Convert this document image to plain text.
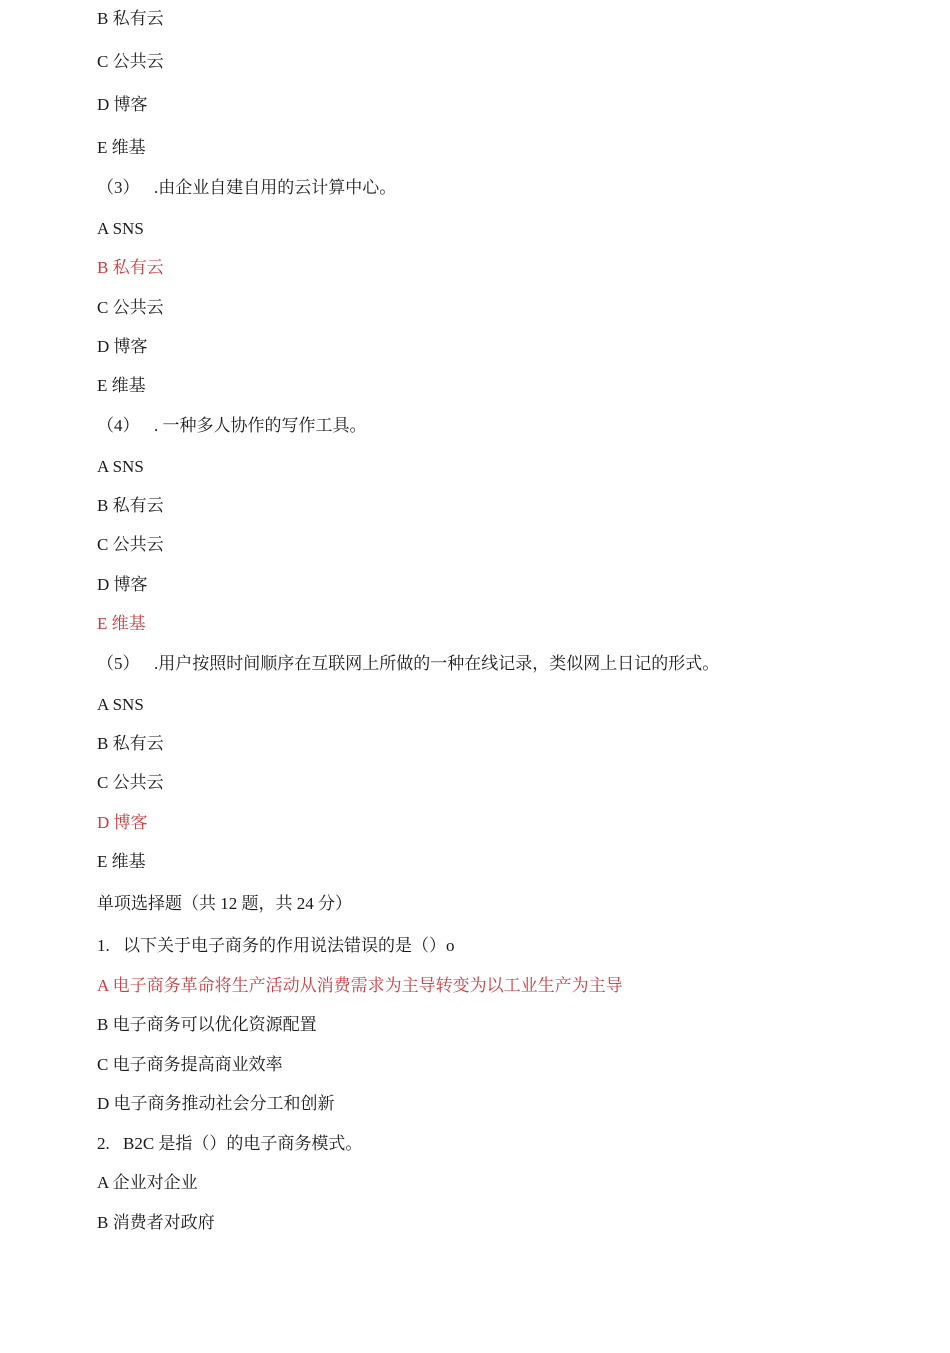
B 私有云
C 公共云
D 博客
E 维基
（3） .由企业自建自用的云计算中心。
A SNS
B 私有云
C 公共云
D 博客
E 维基
（4） . 一种多人协作的写作工具。
A SNS
B 私有云
C 公共云
D 博客
E 维基
（5） .用户按照时间顺序在互联网上所做的一种在线记录，类似网上日记的形式。
A SNS
B 私有云
C 公共云
D 博客
E 维基
单项选择题（共 12 题，共 24 分）
1. 以下关于电子商务的作用说法错误的是（）o
A 电子商务革命将生产活动从消费需求为主导转变为以工业生产为主导
B 电子商务可以优化资源配置
C 电子商务提高商业效率
D 电子商务推动社会分工和创新
2. B2C 是指（）的电子商务模式。
A 企业对企业
B 消费者对政府
